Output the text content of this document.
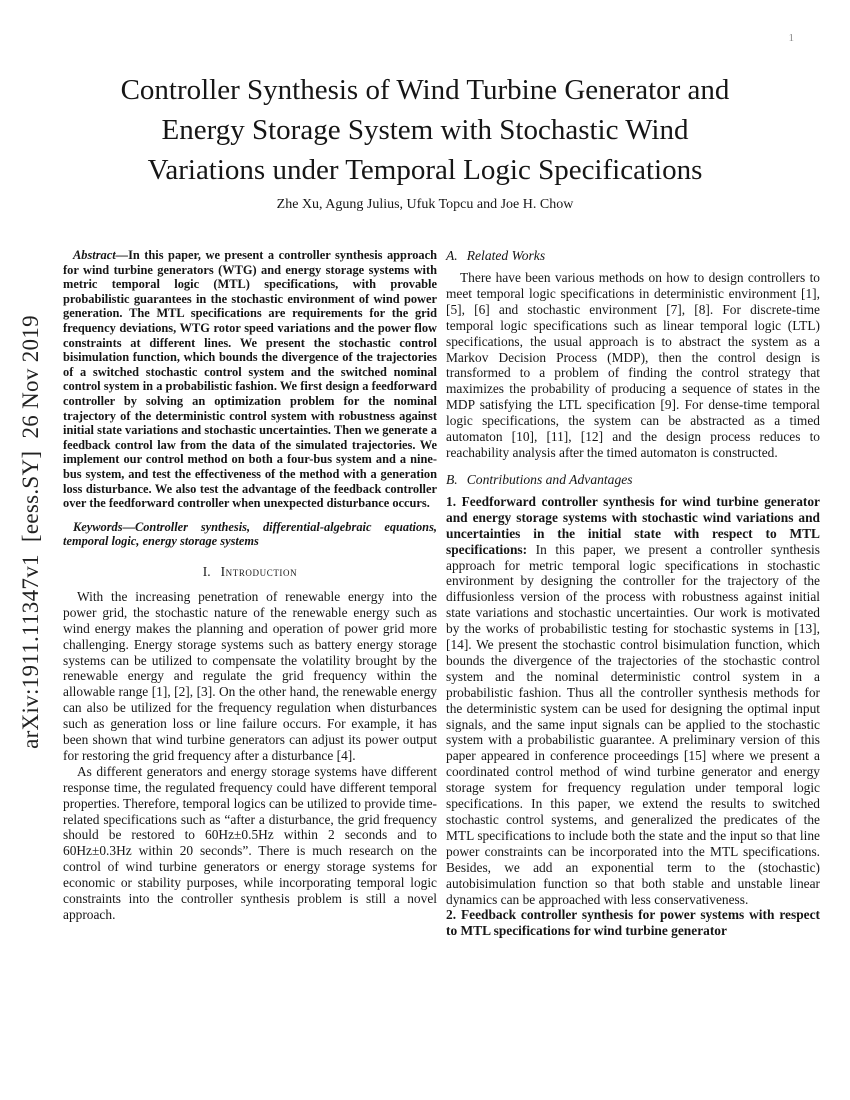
1
arXiv:1911.11347v1  [eess.SY]  26 Nov 2019
Controller Synthesis of Wind Turbine Generator and
Energy Storage System with Stochastic Wind
Variations under Temporal Logic Specifications
Zhe Xu, Agung Julius, Ufuk Topcu and Joe H. Chow

Abstract—In this paper, we present a controller synthesis approach for wind turbine generators (WTG) and energy storage systems with metric temporal logic (MTL) specifications, with provable probabilistic guarantees in the stochastic environment of wind power generation. The MTL specifications are requirements for the grid frequency deviations, WTG rotor speed variations and the power flow constraints at different lines. We present the stochastic control bisimulation function, which bounds the divergence of the trajectories of a switched stochastic control system and the switched nominal control system in a probabilistic fashion. We first design a feedforward controller by solving an optimization problem for the nominal trajectory of the deterministic control system with robustness against initial state variations and stochastic uncertainties. Then we generate a feedback control law from the data of the simulated trajectories. We implement our control method on both a four-bus system and a nine-bus system, and test the effectiveness of the method with a generation loss disturbance. We also test the advantage of the feedback controller over the feedforward controller when unexpected disturbance occurs.

Keywords—Controller synthesis, differential-algebraic equations, temporal logic, energy storage systems

I. Introduction

With the increasing penetration of renewable energy into the power grid, the stochastic nature of the renewable energy such as wind energy makes the planning and operation of power grid more challenging. Energy storage systems such as battery energy storage systems can be utilized to compensate the volatility brought by the renewable energy and regulate the grid frequency within the allowable range [1], [2], [3]. On the other hand, the renewable energy can also be utilized for the frequency regulation when disturbances such as generation loss or line failure occurs. For example, it has been shown that wind turbine generators can adjust its power output for restoring the grid frequency after a disturbance [4].

As different generators and energy storage systems have different response time, the regulated frequency could have different temporal properties. Therefore, temporal logics can be utilized to provide time-related specifications such as “after a disturbance, the grid frequency should be restored to 60Hz±0.5Hz within 2 seconds and to 60Hz±0.3Hz within 20 seconds”. There is much research on the control of wind turbine generators or energy storage systems for economic or stability purposes, while incorporating temporal logic constraints into the controller synthesis problem is still a novel approach.

A. Related Works

There have been various methods on how to design controllers to meet temporal logic specifications in deterministic environment [1], [5], [6] and stochastic environment [7], [8]. For discrete-time temporal logic specifications such as linear temporal logic (LTL) specifications, the usual approach is to abstract the system as a Markov Decision Process (MDP), then the control design is transformed to a problem of finding the control strategy that maximizes the probability of producing a sequence of states in the MDP satisfying the LTL specification [9]. For dense-time temporal logic specifications, the system can be abstracted as a timed automaton [10], [11], [12] and the design process reduces to reachability analysis after the timed automaton is constructed.

B. Contributions and Advantages

1. Feedforward controller synthesis for wind turbine generator and energy storage systems with stochastic wind variations and uncertainties in the initial state with respect to MTL specifications: In this paper, we present a controller synthesis approach for metric temporal logic specifications in stochastic environment by designing the controller for the trajectory of the diffusionless version of the process with robustness against initial state variations and stochastic uncertainties. Our work is motivated by the works of probabilistic testing for stochastic systems in [13], [14]. We present the stochastic control bisimulation function, which bounds the divergence of the trajectories of the stochastic control system and the nominal deterministic control system in a probabilistic fashion. Thus all the controller synthesis methods for the deterministic system can be used for designing the optimal input signals, and the same input signals can be applied to the stochastic system with a probabilistic guarantee. A preliminary version of this paper appeared in conference proceedings [15] where we present a coordinated control method of wind turbine generator and energy storage system for frequency regulation under temporal logic specifications. In this paper, we extend the results to switched stochastic control systems, and generalized the predicates of the MTL specifications to include both the state and the input so that line power constraints can be incorporated into the MTL specifications. Besides, we add an exponential term to the (stochastic) autobisimulation function so that both stable and unstable linear dynamics can be approached with less conservativeness.

2. Feedback controller synthesis for power systems with respect to MTL specifications for wind turbine generator
